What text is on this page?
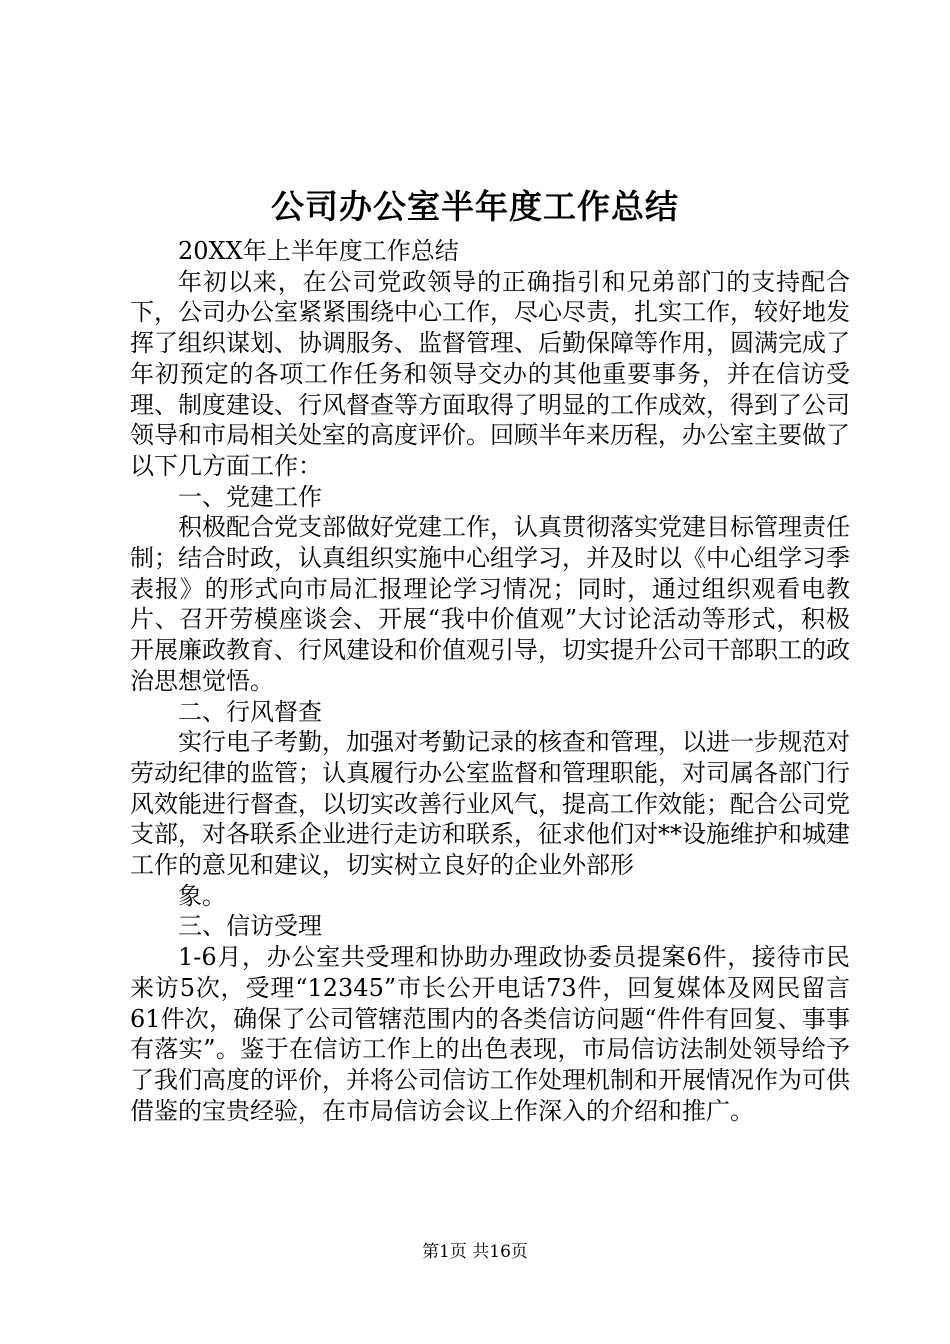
公司办公室半年度工作总结

20XX年上半年度工作总结

年初以来，在公司党政领导的正确指引和兄弟部门的支持配合下，公司办公室紧紧围绕中心工作，尽心尽责，扎实工作，较好地发挥了组织谋划、协调服务、监督管理、后勤保障等作用，圆满完成了年初预定的各项工作任务和领导交办的其他重要事务，并在信访受理、制度建设、行风督查等方面取得了明显的工作成效，得到了公司领导和市局相关处室的高度评价。回顾半年来历程，办公室主要做了以下几方面工作：

一、党建工作

积极配合党支部做好党建工作，认真贯彻落实党建目标管理责任制；结合时政，认真组织实施中心组学习，并及时以《中心组学习季表报》的形式向市局汇报理论学习情况；同时，通过组织观看电教片、召开劳模座谈会、开展“我中价值观”大讨论活动等形式，积极开展廉政教育、行风建设和价值观引导，切实提升公司干部职工的政治思想觉悟。

二、行风督查

实行电子考勤，加强对考勤记录的核查和管理，以进一步规范对劳动纪律的监管；认真履行办公室监督和管理职能，对司属各部门行风效能进行督查，以切实改善行业风气，提高工作效能；配合公司党支部，对各联系企业进行走访和联系，征求他们对**设施维护和城建工作的意见和建议，切实树立良好的企业外部形

象。

三、信访受理

1-6月，办公室共受理和协助办理政协委员提案6件，接待市民来访5次，受理“12345”市长公开电话73件，回复媒体及网民留言61件次，确保了公司管辖范围内的各类信访问题“件件有回复、事事有落实”。鉴于在信访工作上的出色表现，市局信访法制处领导给予了我们高度的评价，并将公司信访工作处理机制和开展情况作为可供借鉴的宝贵经验，在市局信访会议上作深入的介绍和推广。

第1页 共16页
